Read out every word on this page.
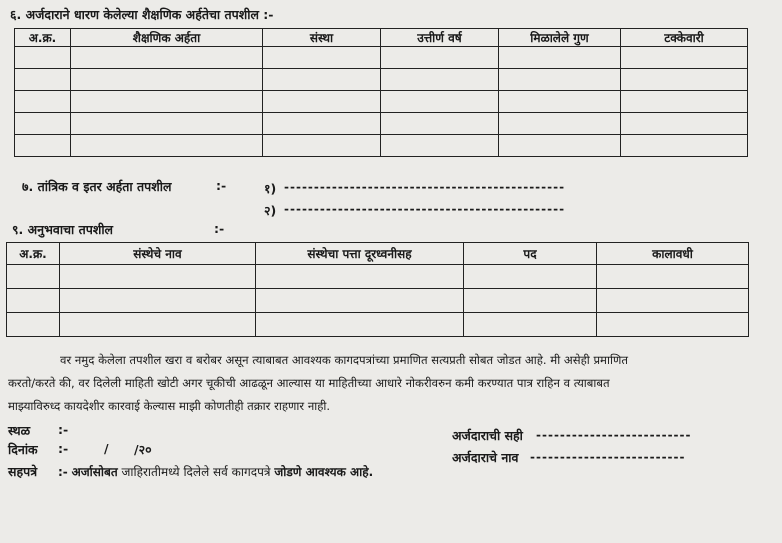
६. अर्जदाराने धारण केलेल्या शैक्षणिक अर्हतेचा तपशील :-
अ.क्र.	शैक्षणिक अर्हता	संस्था	उत्तीर्ण वर्ष	मिळालेले गुण	टक्केवारी

७. तांत्रिक व इतर अर्हता तपशील	:-	१) -----------------------------------------------
२) -----------------------------------------------
९. अनुभवाचा तपशील	:-
अ.क्र.	संस्थेचे नाव	संस्थेचा पत्ता दूरध्वनीसह	पद	कालावधी

वर नमुद केलेला तपशील खरा व बरोबर असून त्याबाबत आवश्यक कागदपत्रांच्या प्रमाणित सत्यप्रती सोबत जोडत आहे. मी असेही प्रमाणित
करतो/करते की, वर दिलेली माहिती खोटी अगर चूकीची आढळून आल्यास या माहितीच्या आधारे नोकरीवरुन कमी करण्यात पात्र राहिन व त्याबाबत
माझ्याविरुध्द कायदेशीर कारवाई केल्यास माझी कोणतीही तक्रार राहणार नाही.
स्थळ :-
दिनांक :-	/ /२०
अर्जदाराची सही --------------------------
अर्जदाराचे नाव --------------------------
सहपत्रे :- अर्जासोबत जाहिरातीमध्ये दिलेले सर्व कागदपत्रे जोडणे आवश्यक आहे.
